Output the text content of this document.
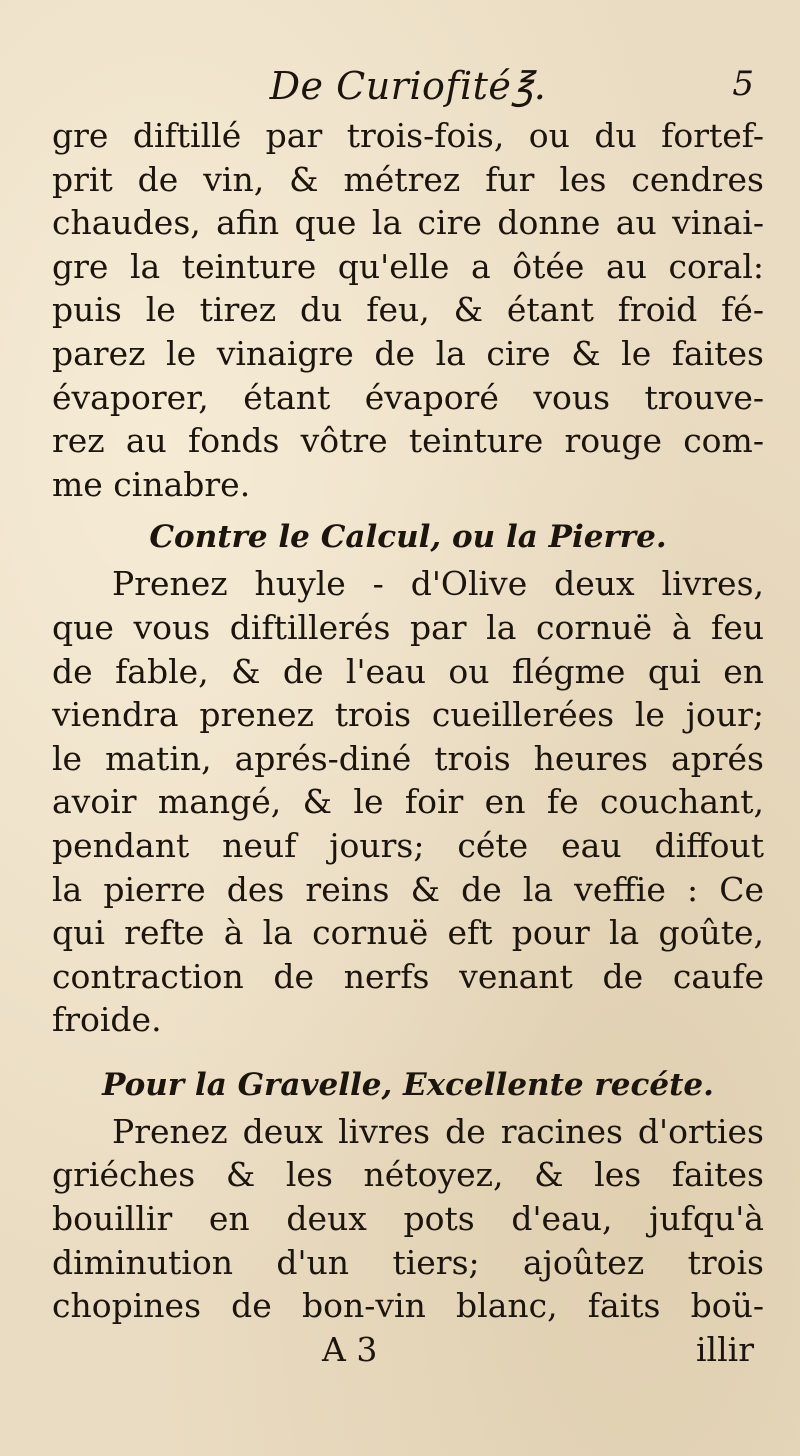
De Curiofité℥.	5
gre diftillé par trois-fois, ou du fortef-
prit de vin, & métrez fur les cendres
chaudes, afin que la cire donne au vinai-
gre la teinture qu'elle a ôtée au coral:
puis le tirez du feu, & étant froid fé-
parez le vinaigre de la cire & le faites
évaporer, étant évaporé vous trouve-
rez au fonds vôtre teinture rouge com-
me cinabre.
Contre le Calcul, ou la Pierre.
Prenez huyle - d'Olive deux livres,
que vous diftillerés par la cornuë à feu
de fable, & de l'eau ou flégme qui en
viendra prenez trois cueillerées le jour;
le matin, aprés-diné trois heures aprés
avoir mangé, & le foir en fe couchant,
pendant neuf jours; céte eau diffout
la pierre des reins & de la veffie : Ce
qui refte à la cornuë eft pour la goûte,
contraction de nerfs venant de caufe
froide.
Pour la Gravelle, Excellente recéte.
Prenez deux livres de racines d'orties
griéches & les nétoyez, & les faites
bouillir en deux pots d'eau, jufqu'à
diminution d'un tiers; ajoûtez trois
chopines de bon-vin blanc, faits boü-
A 3	illir
